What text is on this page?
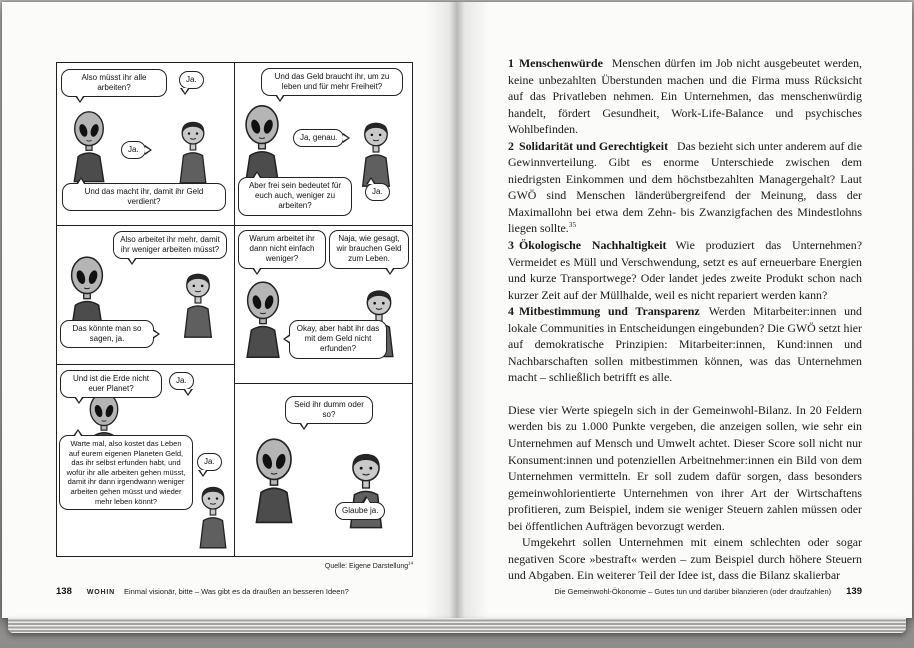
Also müsst ihr alle arbeiten?
Ja.
Ja.
Und das macht ihr, damit ihr Geld verdient?
Also arbeitet ihr mehr, damit ihr weniger arbeiten müsst?
Das könnte man so sagen, ja.
Und ist die Erde nicht euer Planet?
Ja.
Warte mal, also kostet das Leben auf eurem eigenen Planeten Geld, das ihr selbst erfunden habt, und wofür ihr alle arbeiten gehen müsst, damit ihr dann irgendwann weniger arbeiten gehen müsst und wieder mehr leben könnt?
Ja.
Und das Geld braucht ihr, um zu leben und für mehr Freiheit?
Ja, genau.
Aber frei sein bedeutet für euch auch, weniger zu arbeiten?
Ja.
Warum arbeitet ihr dann nicht einfach weniger?
Naja, wie gesagt, wir brauchen Geld zum Leben.
Okay, aber habt ihr das mit dem Geld nicht erfunden?
Seid ihr dumm oder so?
Glaube ja.
Quelle: Eigene Darstellung$^{14}$
138 WOHIN Einmal visionär, bitte – Was gibt es da draußen an besseren Ideen?

1 Menschenwürde Menschen dürfen im Job nicht ausgebeutet werden, keine unbezahlten Überstunden machen und die Firma muss Rücksicht auf das Privatleben nehmen. Ein Unternehmen, das menschenwürdig handelt, fördert Gesundheit, Work-Life-Balance und psychisches Wohlbefinden.

2 Solidarität und Gerechtigkeit Das bezieht sich unter anderem auf die Gewinnverteilung. Gibt es enorme Unterschiede zwischen dem niedrigsten Einkommen und dem höchstbezahlten Managergehalt? Laut GWÖ sind Menschen länderübergreifend der Meinung, dass der Maximallohn bei etwa dem Zehn- bis Zwanzigfachen des Mindestlohns liegen sollte.$^{35}$

3 Ökologische Nachhaltigkeit Wie produziert das Unternehmen? Vermeidet es Müll und Verschwendung, setzt es auf erneuerbare Energien und kurze Transportwege? Oder landet jedes zweite Produkt schon nach kurzer Zeit auf der Müllhalde, weil es nicht repariert werden kann?

4 Mitbestimmung und Transparenz Werden Mitarbeiter:innen und lokale Communities in Entscheidungen eingebunden? Die GWÖ setzt hier auf demokratische Prinzipien: Mitarbeiter:innen, Kund:innen und Nachbarschaften sollen mitbestimmen können, was das Unternehmen macht – schließlich betrifft es alle.

Diese vier Werte spiegeln sich in der Gemeinwohl-Bilanz. In 20 Feldern werden bis zu 1.000 Punkte vergeben, die anzeigen sollen, wie sehr ein Unternehmen auf Mensch und Umwelt achtet. Dieser Score soll nicht nur Konsument:innen und potenziellen Arbeitnehmer:innen ein Bild von dem Unternehmen vermitteln. Er soll zudem dafür sorgen, dass besonders gemeinwohlorientierte Unternehmen von ihrer Art der Wirtschaftens profitieren, zum Beispiel, indem sie weniger Steuern zahlen müssen oder bei öffentlichen Aufträgen bevorzugt werden.

Umgekehrt sollen Unternehmen mit einem schlechten oder sogar negativen Score »bestraft« werden – zum Beispiel durch höhere Steuern und Abgaben. Ein weiterer Teil der Idee ist, dass die Bilanz skalierbar

Die Gemeinwohl-Ökonomie – Gutes tun und darüber bilanzieren (oder draufzahlen) 139
